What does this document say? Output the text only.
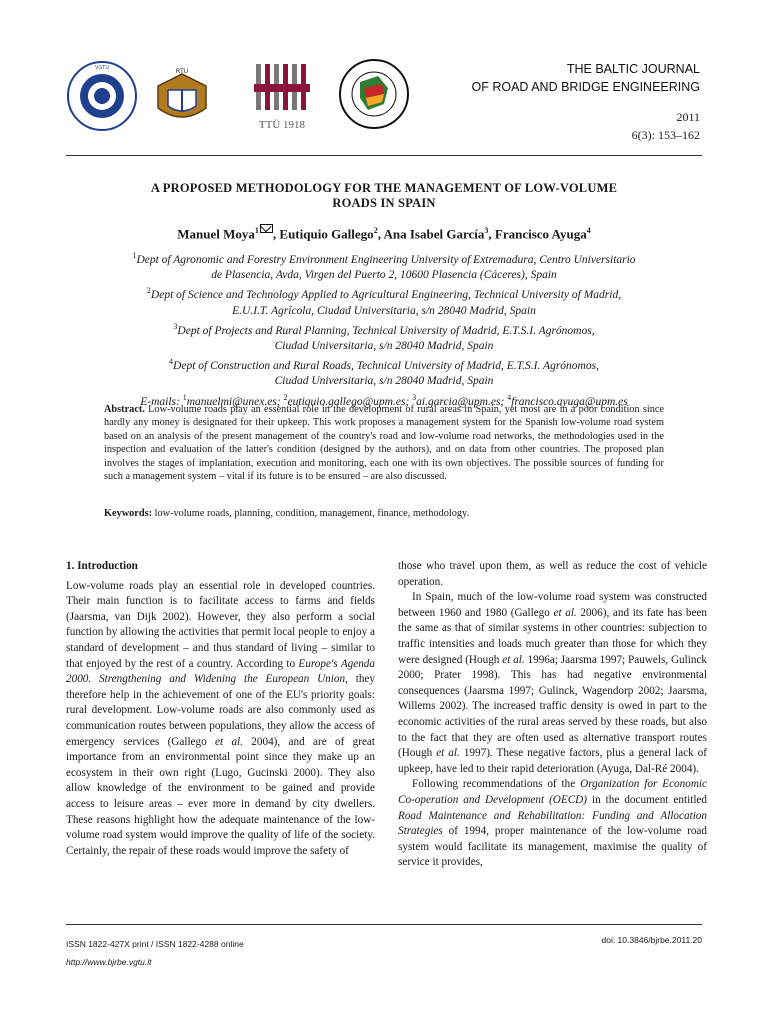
VGTU
RTU
TTÜ 1918
THE BALTIC JOURNAL
OF ROAD AND BRIDGE ENGINEERING
2011
6(3): 153–162
A PROPOSED METHODOLOGY FOR THE MANAGEMENT OF LOW-VOLUME
ROADS IN SPAIN
Manuel Moya$^1$ , Eutiquio Gallego$^2$, Ana Isabel García$^3$, Francisco Ayuga$^4$
$^1$Dept of Agronomic and Forestry Environment Engineering University of Extremadura, Centro Universitario
de Plasencia, Avda, Virgen del Puerto 2, 10600 Plasencia (Cáceres), Spain
$^2$Dept of Science and Technology Applied to Agricultural Engineering, Technical University of Madrid,
E.U.I.T. Agrícola, Ciudad Universitaria, s/n 28040 Madrid, Spain
$^3$Dept of Projects and Rural Planning, Technical University of Madrid, E.T.S.I. Agrónomos,
Ciudad Universitaria, s/n 28040 Madrid, Spain
$^4$Dept of Construction and Rural Roads, Technical University of Madrid, E.T.S.I. Agrónomos,
Ciudad Universitaria, s/n 28040 Madrid, Spain
E-mails: $^1$manuelmi@unex.es; $^2$eutiquio.gallego@upm.es; $^3$ai.garcia@upm.es; $^4$francisco.ayuga@upm.es
Abstract. Low-volume roads play an essential role in the development of rural areas in Spain, yet most are in a poor condition since hardly any money is designated for their upkeep. This work proposes a management system for the Spanish low-volume road system based on an analysis of the present management of the country's road and low-volume road networks, the methodologies used in the inspection and evaluation of the latter's condition (designed by the authors), and on data from other countries. The proposed plan involves the stages of implantation, execution and monitoring, each one with its own objectives. The possible sources of funding for such a management system – vital if its future is to be ensured – are also discussed.
Keywords: low-volume roads, planning, condition, management, finance, methodology.

1. Introduction

Low-volume roads play an essential role in developed countries. Their main function is to facilitate access to farms and fields (Jaarsma, van Dijk 2002). However, they also perform a social function by allowing the activities that permit local people to enjoy a standard of development – and thus standard of living – similar to that enjoyed by the rest of a country. According to Europe's Agenda 2000. Strengthening and Widening the European Union, they therefore help in the achievement of one of the EU's priority goals: rural development. Low-volume roads are also commonly used as communication routes between populations, they allow the access of emergency services (Gallego et al. 2004), and are of great importance from an environmental point since they make up an ecosystem in their own right (Lugo, Gucinski 2000). They also allow knowledge of the environment to be gained and provide access to leisure areas – ever more in demand by city dwellers. These reasons highlight how the adequate maintenance of the low-volume road system would improve the quality of life of the society. Certainly, the repair of these roads would improve the safety of

those who travel upon them, as well as reduce the cost of vehicle operation.

In Spain, much of the low-volume road system was constructed between 1960 and 1980 (Gallego et al. 2006), and its fate has been the same as that of similar systems in other countries: subjection to traffic intensities and loads much greater than those for which they were designed (Hough et al. 1996a; Jaarsma 1997; Pauwels, Gulinck 2000; Prater 1998). This has had negative environmental consequences (Jaarsma 1997; Gulinck, Wagendorp 2002; Jaarsma, Willems 2002). The increased traffic density is owed in part to the economic activities of the rural areas served by these roads, but also to the fact that they are often used as alternative transport routes (Hough et al. 1997). These negative factors, plus a general lack of upkeep, have led to their rapid deterioration (Ayuga, Dal-Ré 2004).

Following recommendations of the Organization for Economic Co-operation and Development (OECD) in the document entitled Road Maintenance and Rehabilitation: Funding and Allocation Strategies of 1994, proper maintenance of the low-volume road system would facilitate its management, maximise the quality of service it provides,

ISSN 1822-427X print / ISSN 1822-4288 online
http://www.bjrbe.vgtu.lt
doi: 10.3846/bjrbe.2011.20
